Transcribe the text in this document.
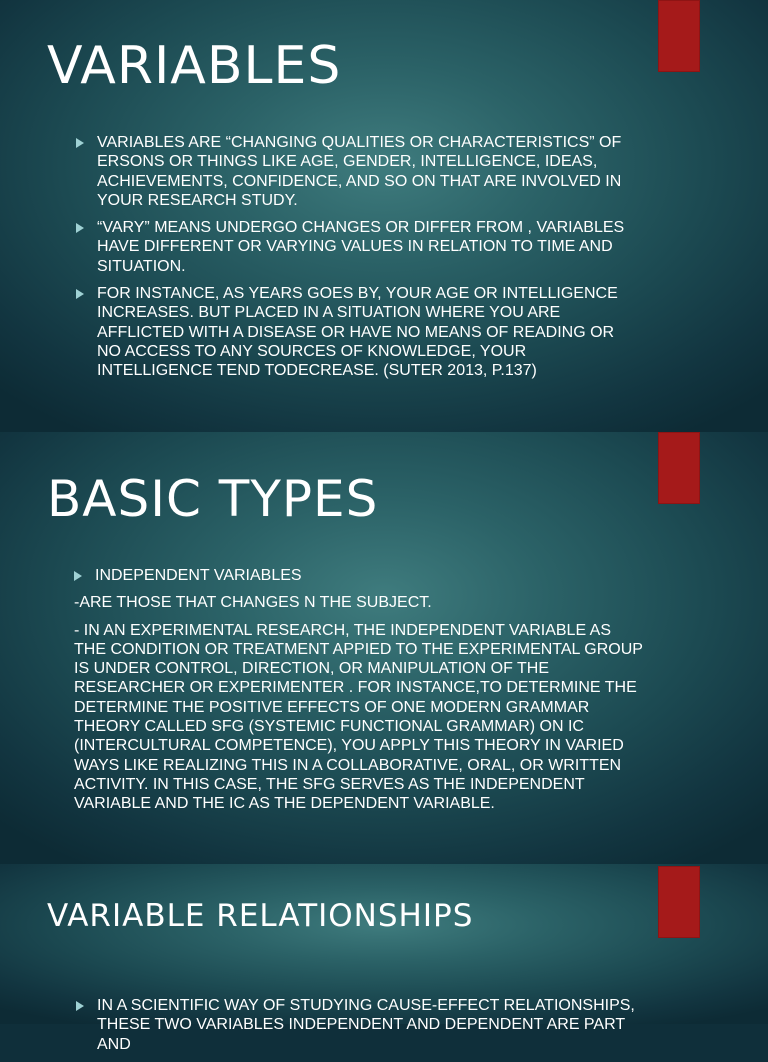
VARIABLES
VARIABLES ARE “CHANGING QUALITIES OR CHARACTERISTICS” OF ERSONS OR THINGS LIKE AGE, GENDER, INTELLIGENCE, IDEAS, ACHIEVEMENTS, CONFIDENCE, AND SO ON THAT ARE INVOLVED IN YOUR RESEARCH STUDY.
“VARY” MEANS UNDERGO CHANGES OR DIFFER FROM , VARIABLES HAVE DIFFERENT OR VARYING VALUES IN RELATION TO TIME AND SITUATION.
FOR INSTANCE, AS YEARS GOES BY, YOUR AGE OR INTELLIGENCE INCREASES. BUT PLACED IN A SITUATION WHERE YOU ARE AFFLICTED WITH A DISEASE OR HAVE NO MEANS OF READING OR NO ACCESS TO ANY SOURCES OF KNOWLEDGE, YOUR INTELLIGENCE TEND TODECREASE. (SUTER 2013, P.137)
BASIC TYPES
INDEPENDENT VARIABLES

-ARE THOSE THAT CHANGES N THE SUBJECT.

- IN AN EXPERIMENTAL RESEARCH, THE INDEPENDENT VARIABLE AS THE CONDITION OR TREATMENT APPIED TO THE EXPERIMENTAL GROUP IS UNDER CONTROL, DIRECTION, OR MANIPULATION OF THE RESEARCHER OR EXPERIMENTER . FOR INSTANCE,TO DETERMINE THE DETERMINE THE POSITIVE EFFECTS OF ONE MODERN GRAMMAR THEORY CALLED SFG (SYSTEMIC FUNCTIONAL GRAMMAR) ON IC (INTERCULTURAL COMPETENCE), YOU APPLY THIS THEORY IN VARIED WAYS LIKE REALIZING THIS IN A COLLABORATIVE, ORAL, OR WRITTEN ACTIVITY. IN THIS CASE, THE SFG SERVES AS THE INDEPENDENT VARIABLE AND THE IC AS THE DEPENDENT VARIABLE.

VARIABLE RELATIONSHIPS
IN A SCIENTIFIC WAY OF STUDYING CAUSE-EFFECT RELATIONSHIPS, THESE TWO VARIABLES INDEPENDENT AND DEPENDENT ARE PART AND
